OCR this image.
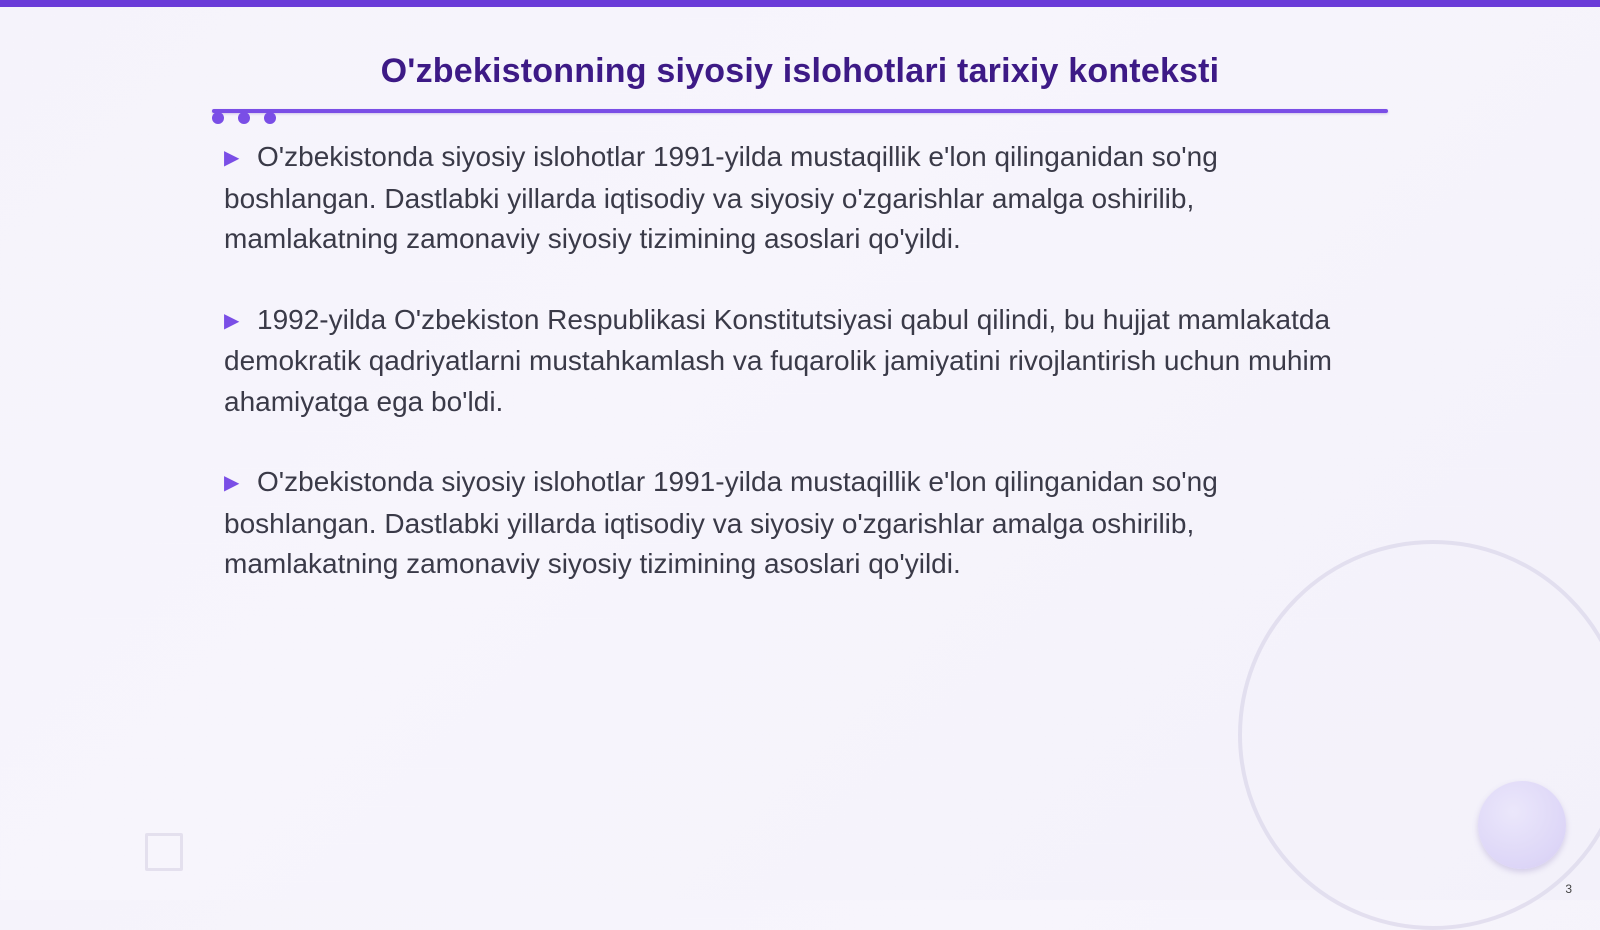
O'zbekistonning siyosiy islohotlari tarixiy konteksti
▶ O'zbekistonda siyosiy islohotlar 1991-yilda mustaqillik e'lon qilinganidan so'ng boshlangan. Dastlabki yillarda iqtisodiy va siyosiy o'zgarishlar amalga oshirilib, mamlakatning zamonaviy siyosiy tizimining asoslari qo'yildi.
▶ 1992-yilda O'zbekiston Respublikasi Konstitutsiyasi qabul qilindi, bu hujjat mamlakatda demokratik qadriyatlarni mustahkamlash va fuqarolik jamiyatini rivojlantirish uchun muhim ahamiyatga ega bo'ldi.
▶ O'zbekistonda siyosiy islohotlar 1991-yilda mustaqillik e'lon qilinganidan so'ng boshlangan. Dastlabki yillarda iqtisodiy va siyosiy o'zgarishlar amalga oshirilib, mamlakatning zamonaviy siyosiy tizimining asoslari qo'yildi.
3
